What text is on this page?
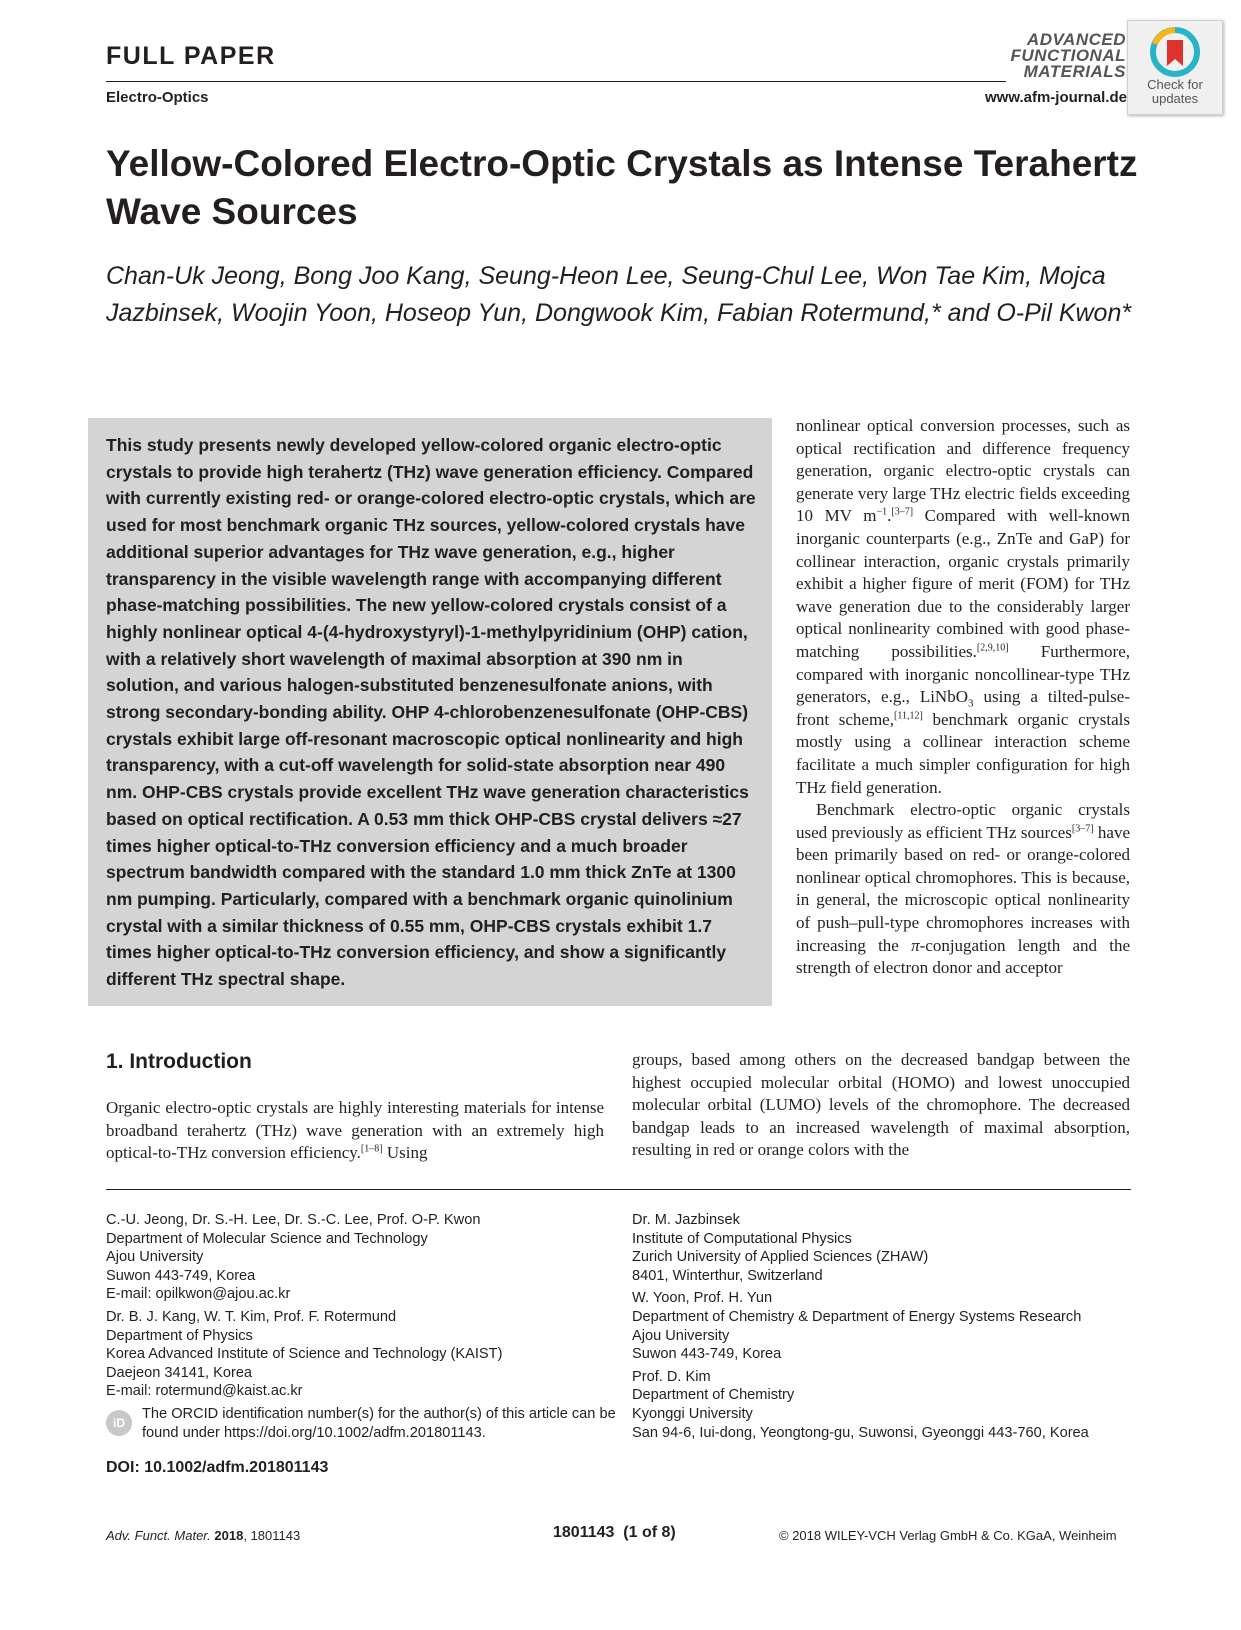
FULL PAPER
Electro-Optics
ADVANCED
FUNCTIONAL
MATERIALS
www.afm-journal.de
Check for updates
Yellow-Colored Electro-Optic Crystals as Intense Terahertz Wave Sources
Chan-Uk Jeong, Bong Joo Kang, Seung-Heon Lee, Seung-Chul Lee, Won Tae Kim, Mojca Jazbinsek, Woojin Yoon, Hoseop Yun, Dongwook Kim, Fabian Rotermund,* and O-Pil Kwon*
This study presents newly developed yellow-colored organic electro-optic crystals to provide high terahertz (THz) wave generation efficiency. Compared with currently existing red- or orange-colored electro-optic crystals, which are used for most benchmark organic THz sources, yellow-colored crystals have additional superior advantages for THz wave generation, e.g., higher transparency in the visible wavelength range with accompanying different phase-matching possibilities. The new yellow-colored crystals consist of a highly nonlinear optical 4-(4-hydroxystyryl)-1-methylpyridinium (OHP) cation, with a relatively short wavelength of maximal absorption at 390 nm in solution, and various halogen-substituted benzenesulfonate anions, with strong secondary-bonding ability. OHP 4-chlorobenzenesulfonate (OHP-CBS) crystals exhibit large off-resonant macroscopic optical nonlinearity and high transparency, with a cut-off wavelength for solid-state absorption near 490 nm. OHP-CBS crystals provide excellent THz wave generation characteristics based on optical rectification. A 0.53 mm thick OHP-CBS crystal delivers ≈27 times higher optical-to-THz conversion efficiency and a much broader spectrum bandwidth compared with the standard 1.0 mm thick ZnTe at 1300 nm pumping. Particularly, compared with a benchmark organic quinolinium crystal with a similar thickness of 0.55 mm, OHP-CBS crystals exhibit 1.7 times higher optical-to-THz conversion efficiency, and show a significantly different THz spectral shape.

nonlinear optical conversion processes, such as optical rectification and difference frequency generation, organic electro-optic crystals can generate very large THz electric fields exceeding 10 MV $m^{-1}.[3-7]$ Compared with well-known inorganic counterparts (e.g., ZnTe and GaP) for collinear interaction, organic crystals primarily exhibit a higher figure of merit (FOM) for THz wave generation due to the considerably larger optical nonlinearity combined with good phase-matching possibilities.[2,9,10] Furthermore, compared with inorganic noncollinear-type THz generators, e.g., LiNbO$_3$ using a tilted-pulse-front scheme,[11,12] benchmark organic crystals mostly using a collinear interaction scheme facilitate a much simpler configuration for high THz field generation.

Benchmark electro-optic organic crystals used previously as efficient THz sources[3–7] have been primarily based on red- or orange-colored nonlinear optical chromophores. This is because, in general, the microscopic optical nonlinearity of push–pull-type chromophores increases with increasing the π-conjugation length and the strength of electron donor and acceptor

1. Introduction

Organic electro-optic crystals are highly interesting materials for intense broadband terahertz (THz) wave generation with an extremely high optical-to-THz conversion efficiency.[1–8] Using

groups, based among others on the decreased bandgap between the highest occupied molecular orbital (HOMO) and lowest unoccupied molecular orbital (LUMO) levels of the chromophore. The decreased bandgap leads to an increased wavelength of maximal absorption, resulting in red or orange colors with the

C.-U. Jeong, Dr. S.-H. Lee, Dr. S.-C. Lee, Prof. O-P. Kwon
Department of Molecular Science and Technology
Ajou University
Suwon 443-749, Korea
E-mail: opilkwon@ajou.ac.kr
Dr. B. J. Kang, W. T. Kim, Prof. F. Rotermund
Department of Physics
Korea Advanced Institute of Science and Technology (KAIST)
Daejeon 34141, Korea
E-mail: rotermund@kaist.ac.kr
Dr. M. Jazbinsek
Institute of Computational Physics
Zurich University of Applied Sciences (ZHAW)
8401, Winterthur, Switzerland
W. Yoon, Prof. H. Yun
Department of Chemistry & Department of Energy Systems Research
Ajou University
Suwon 443-749, Korea
Prof. D. Kim
Department of Chemistry
Kyonggi University
San 94-6, Iui-dong, Yeongtong-gu, Suwonsi, Gyeonggi 443-760, Korea
iD
The ORCID identification number(s) for the author(s) of this article can be found under https://doi.org/10.1002/adfm.201801143.
DOI: 10.1002/adfm.201801143
Adv. Funct. Mater. 2018, 1801143	1801143  (1 of 8)	© 2018 WILEY-VCH Verlag GmbH & Co. KGaA, Weinheim
